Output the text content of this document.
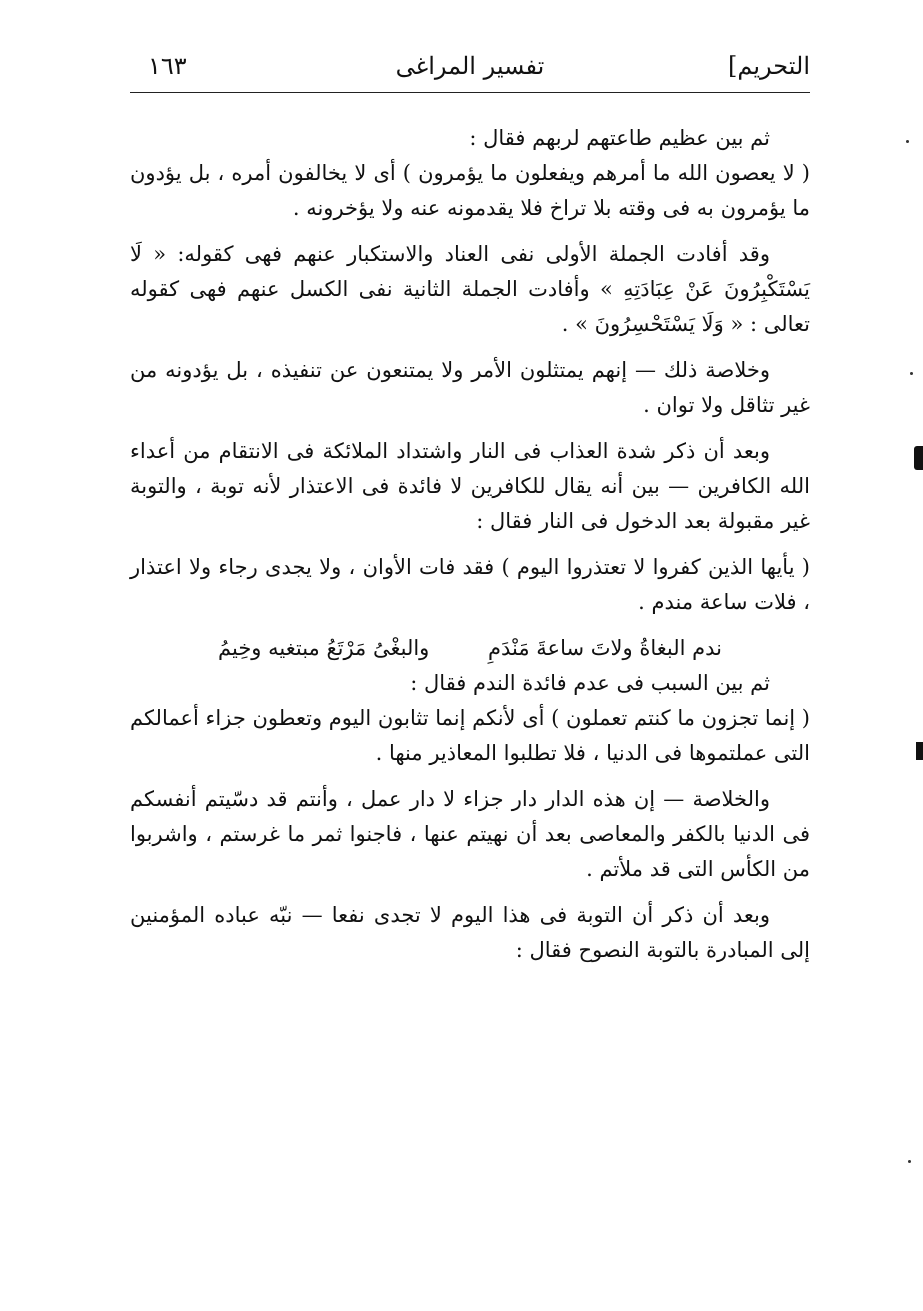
التحريم]
تفسير المراغى
١٦٣

ثم بين عظيم طاعتهم لربهم فقال :

( لا يعصون الله ما أمرهم ويفعلون ما يؤمرون ) أى لا يخالفون أمره ، بل يؤدون ما يؤمرون به فى وقته بلا تراخ فلا يقدمونه عنه ولا يؤخرونه .

وقد أفادت الجملة الأولى نفى العناد والاستكبار عنهم فهى كقوله: « لَا يَسْتَكْبِرُونَ عَنْ عِبَادَتِهِ » وأفادت الجملة الثانية نفى الكسل عنهم فهى كقوله تعالى : « وَلَا يَسْتَحْسِرُونَ » .

وخلاصة ذلك — إنهم يمتثلون الأمر ولا يمتنعون عن تنفيذه ، بل يؤدونه من غير تثاقل ولا توان .

وبعد أن ذكر شدة العذاب فى النار واشتداد الملائكة فى الانتقام من أعداء الله الكافرين — بين أنه يقال للكافرين لا فائدة فى الاعتذار لأنه توبة ، والتوبة غير مقبولة بعد الدخول فى النار فقال :

( يأيها الذين كفروا لا تعتذروا اليوم ) فقد فات الأوان ، ولا يجدى رجاء ولا اعتذار ، فلات ساعة مندم .

ندم البغاةُ ولاتَ ساعةَ مَنْدَمِ والبغْىُ مَرْتَعُ مبتغيه وخِيمُ

ثم بين السبب فى عدم فائدة الندم فقال :

( إنما تجزون ما كنتم تعملون ) أى لأنكم إنما تثابون اليوم وتعطون جزاء أعمالكم التى عملتموها فى الدنيا ، فلا تطلبوا المعاذير منها .

والخلاصة — إن هذه الدار دار جزاء لا دار عمل ، وأنتم قد دسّيتم أنفسكم فى الدنيا بالكفر والمعاصى بعد أن نهيتم عنها ، فاجنوا ثمر ما غرستم ، واشربوا من الكأس التى قد ملأتم .

وبعد أن ذكر أن التوبة فى هذا اليوم لا تجدى نفعا — نبّه عباده المؤمنين إلى المبادرة بالتوبة النصوح فقال :
